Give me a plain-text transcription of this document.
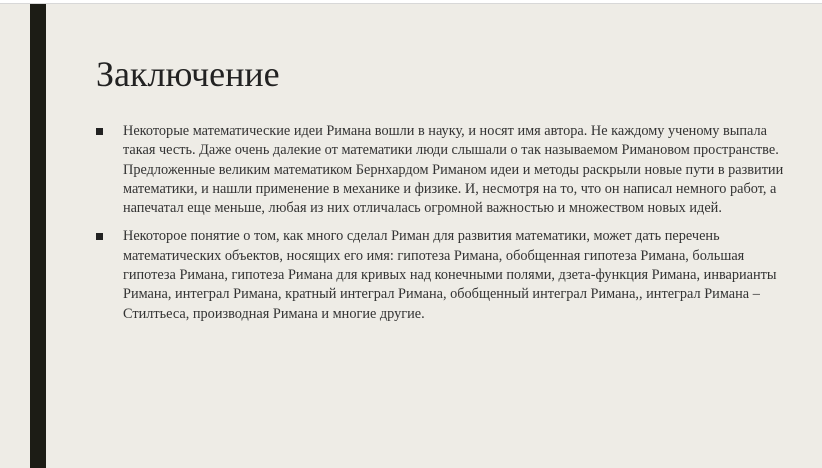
Заключение
Некоторые математические идеи Римана вошли в науку, и носят имя автора. Не каждому ученому выпала такая честь. Даже очень далекие от математики люди слышали о так называемом Римановом пространстве. Предложенные великим математиком Бернхардом Риманом идеи и методы раскрыли новые пути в развитии математики, и нашли применение в механике и физике. И, несмотря на то, что он написал немного работ, а напечатал еще меньше, любая из них отличалась огромной важностью и множеством новых идей.
Некоторое понятие о том, как много сделал Риман для развития математики, может дать перечень математических объектов, носящих его имя: гипотеза Римана, обобщенная гипотеза Римана, большая гипотеза Римана, гипотеза Римана для кривых над конечными полями, дзета-функция Римана, инварианты Римана, интеграл Римана, кратный интеграл Римана, обобщенный интеграл Римана,, интеграл Римана – Стилтьеса, производная Римана и многие другие.
